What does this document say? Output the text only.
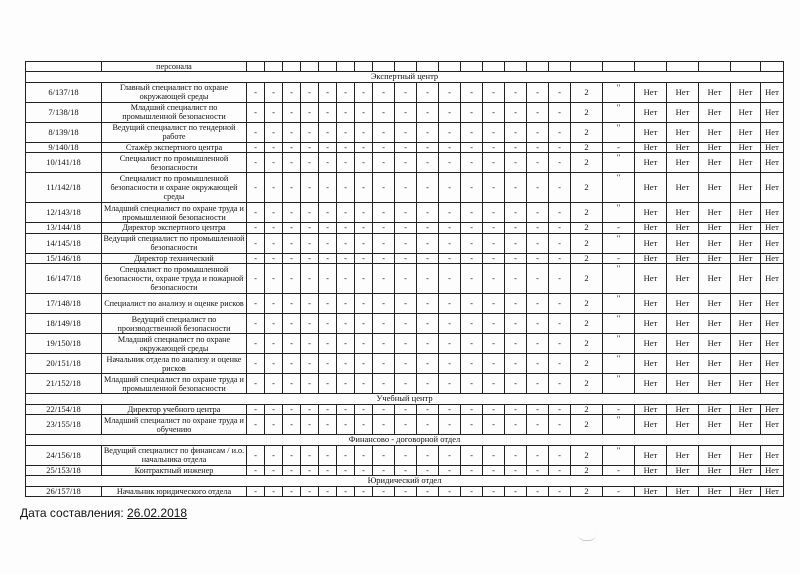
	персонала																								
Экспертный центр																									
6/137/18	Главный специалист по охране окружающей среды	-	-	-	-	-	-	-	-	-	-	-	-	-	-	-	-	2	"	Нет	Нет	Нет	Нет	Нет	
7/138/18	Младший специалист по промышленной безопасности	-	-	-	-	-	-	-	-	-	-	-	-	-	-	-	-	2	"	Нет	Нет	Нет	Нет	Нет	
8/139/18	Ведущий специалист по тендерной работе	-	-	-	-	-	-	-	-	-	-	-	-	-	-	-	-	2	"	Нет	Нет	Нет	Нет	Нет	
9/140/18	Стажёр экспертного центра	-	-	-	-	-	-	-	-	-	-	-	-	-	-	-	-	2	-	Нет	Нет	Нет	Нет	Нет	
10/141/18	Специалист по промышленной безопасности	-	-	-	-	-	-	-	-	-	-	-	-	-	-	-	-	2	"	Нет	Нет	Нет	Нет	Нет	
11/142/18	Специалист по промышленной безопасности и охране окружающей среды	-	-	-	-	-	-	-	-	-	-	-	-	-	-	-	-	2	"	Нет	Нет	Нет	Нет	Нет	
12/143/18	Младший специалист по охране труда и промышленной безопасности	-	-	-	-	-	-	-	-	-	-	-	-	-	-	-	-	2	"	Нет	Нет	Нет	Нет	Нет	
13/144/18	Директор экспертного центра	-	-	-	-	-	-	-	-	-	-	-	-	-	-	-	-	2	-	Нет	Нет	Нет	Нет	Нет	
14/145/18	Ведущий специалист по промышленной безопасности	-	-	-	-	-	-	-	-	-	-	-	-	-	-	-	-	2	"	Нет	Нет	Нет	Нет	Нет	
15/146/18	Директор технический	-	-	-	-	-	-	-	-	-	-	-	-	-	-	-	-	2	-	Нет	Нет	Нет	Нет	Нет	
16/147/18	Специалист по промышленной безопасности, охране труда и пожарной безопасности	-	-	-	-	-	-	-	-	-	-	-	-	-	-	-	-	2	"	Нет	Нет	Нет	Нет	Нет	
17/148/18	Специалист по анализу и оценке рисков	-	-	-	-	-	-	-	-	-	-	-	-	-	-	-	-	2	"	Нет	Нет	Нет	Нет	Нет	
18/149/18	Ведущий специалист по производственной безопасности	-	-	-	-	-	-	-	-	-	-	-	-	-	-	-	-	2	"	Нет	Нет	Нет	Нет	Нет	
19/150/18	Младший специалист по охране окружающей среды	-	-	-	-	-	-	-	-	-	-	-	-	-	-	-	-	2	"	Нет	Нет	Нет	Нет	Нет	
20/151/18	Начальник отдела по анализу и оценке рисков	-	-	-	-	-	-	-	-	-	-	-	-	-	-	-	-	2	"	Нет	Нет	Нет	Нет	Нет	
21/152/18	Младший специалист по охране труда и промышленной безопасности	-	-	-	-	-	-	-	-	-	-	-	-	-	-	-	-	2	"	Нет	Нет	Нет	Нет	Нет	
Учебный центр																									
22/154/18	Директор учебного центра	-	-	-	-	-	-	-	-	-	-	-	-	-	-	-	-	2	-	Нет	Нет	Нет	Нет	Нет	
23/155/18	Младший специалист по охране труда и обучению	-	-	-	-	-	-	-	-	-	-	-	-	-	-	-	-	2	"	Нет	Нет	Нет	Нет	Нет	
Финансово - договорной отдел																									
24/156/18	Ведущий специалист по финансам / и.о. начальника отдела	-	-	-	-	-	-	-	-	-	-	-	-	-	-	-	-	2	"	Нет	Нет	Нет	Нет	Нет	
25/153/18	Контрактный инженер	-	-	-	-	-	-	-	-	-	-	-	-	-	-	-	-	2	-	Нет	Нет	Нет	Нет	Нет	
Юридический отдел																									
26/157/18	Начальник юридического отдела	-	-	-	-	-	-	-	-	-	-	-	-	-	-	-	-	2	-	Нет	Нет	Нет	Нет	Нет	
Дата составления: 26.02.2018
